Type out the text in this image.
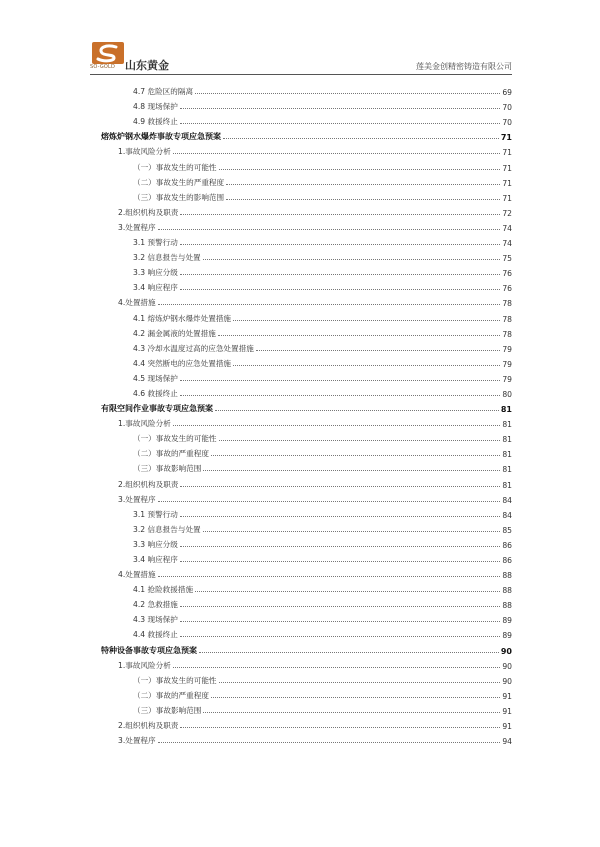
SO-GOLD 山东黄金	莲美金创精密铸造有限公司
4.7 危险区的隔离	69
4.8 现场保护	70
4.9 救援终止	70
熔炼炉钢水爆炸事故专项应急预案	71
1.事故风险分析	71
（一）事故发生的可能性	71
（二）事故发生的严重程度	71
（三）事故发生的影响范围	71
2.组织机构及职责	72
3.处置程序	74
3.1 预警行动	74
3.2 信息报告与处置	75
3.3 响应分级	76
3.4 响应程序	76
4.处置措施	78
4.1 熔炼炉钢水爆炸处置措施	78
4.2 漏金属液的处置措施	78
4.3 冷却水温度过高的应急处置措施	79
4.4 突然断电的应急处置措施	79
4.5 现场保护	79
4.6 救援终止	80
有限空间作业事故专项应急预案	81
1.事故风险分析	81
（一）事故发生的可能性	81
（二）事故的严重程度	81
（三）事故影响范围	81
2.组织机构及职责	81
3.处置程序	84
3.1 预警行动	84
3.2 信息报告与处置	85
3.3 响应分级	86
3.4 响应程序	86
4.处置措施	88
4.1 抢险救援措施	88
4.2 急救措施	88
4.3 现场保护	89
4.4 救援终止	89
特种设备事故专项应急预案	90
1.事故风险分析	90
（一）事故发生的可能性	90
（二）事故的严重程度	91
（三）事故影响范围	91
2.组织机构及职责	91
3.处置程序	94
